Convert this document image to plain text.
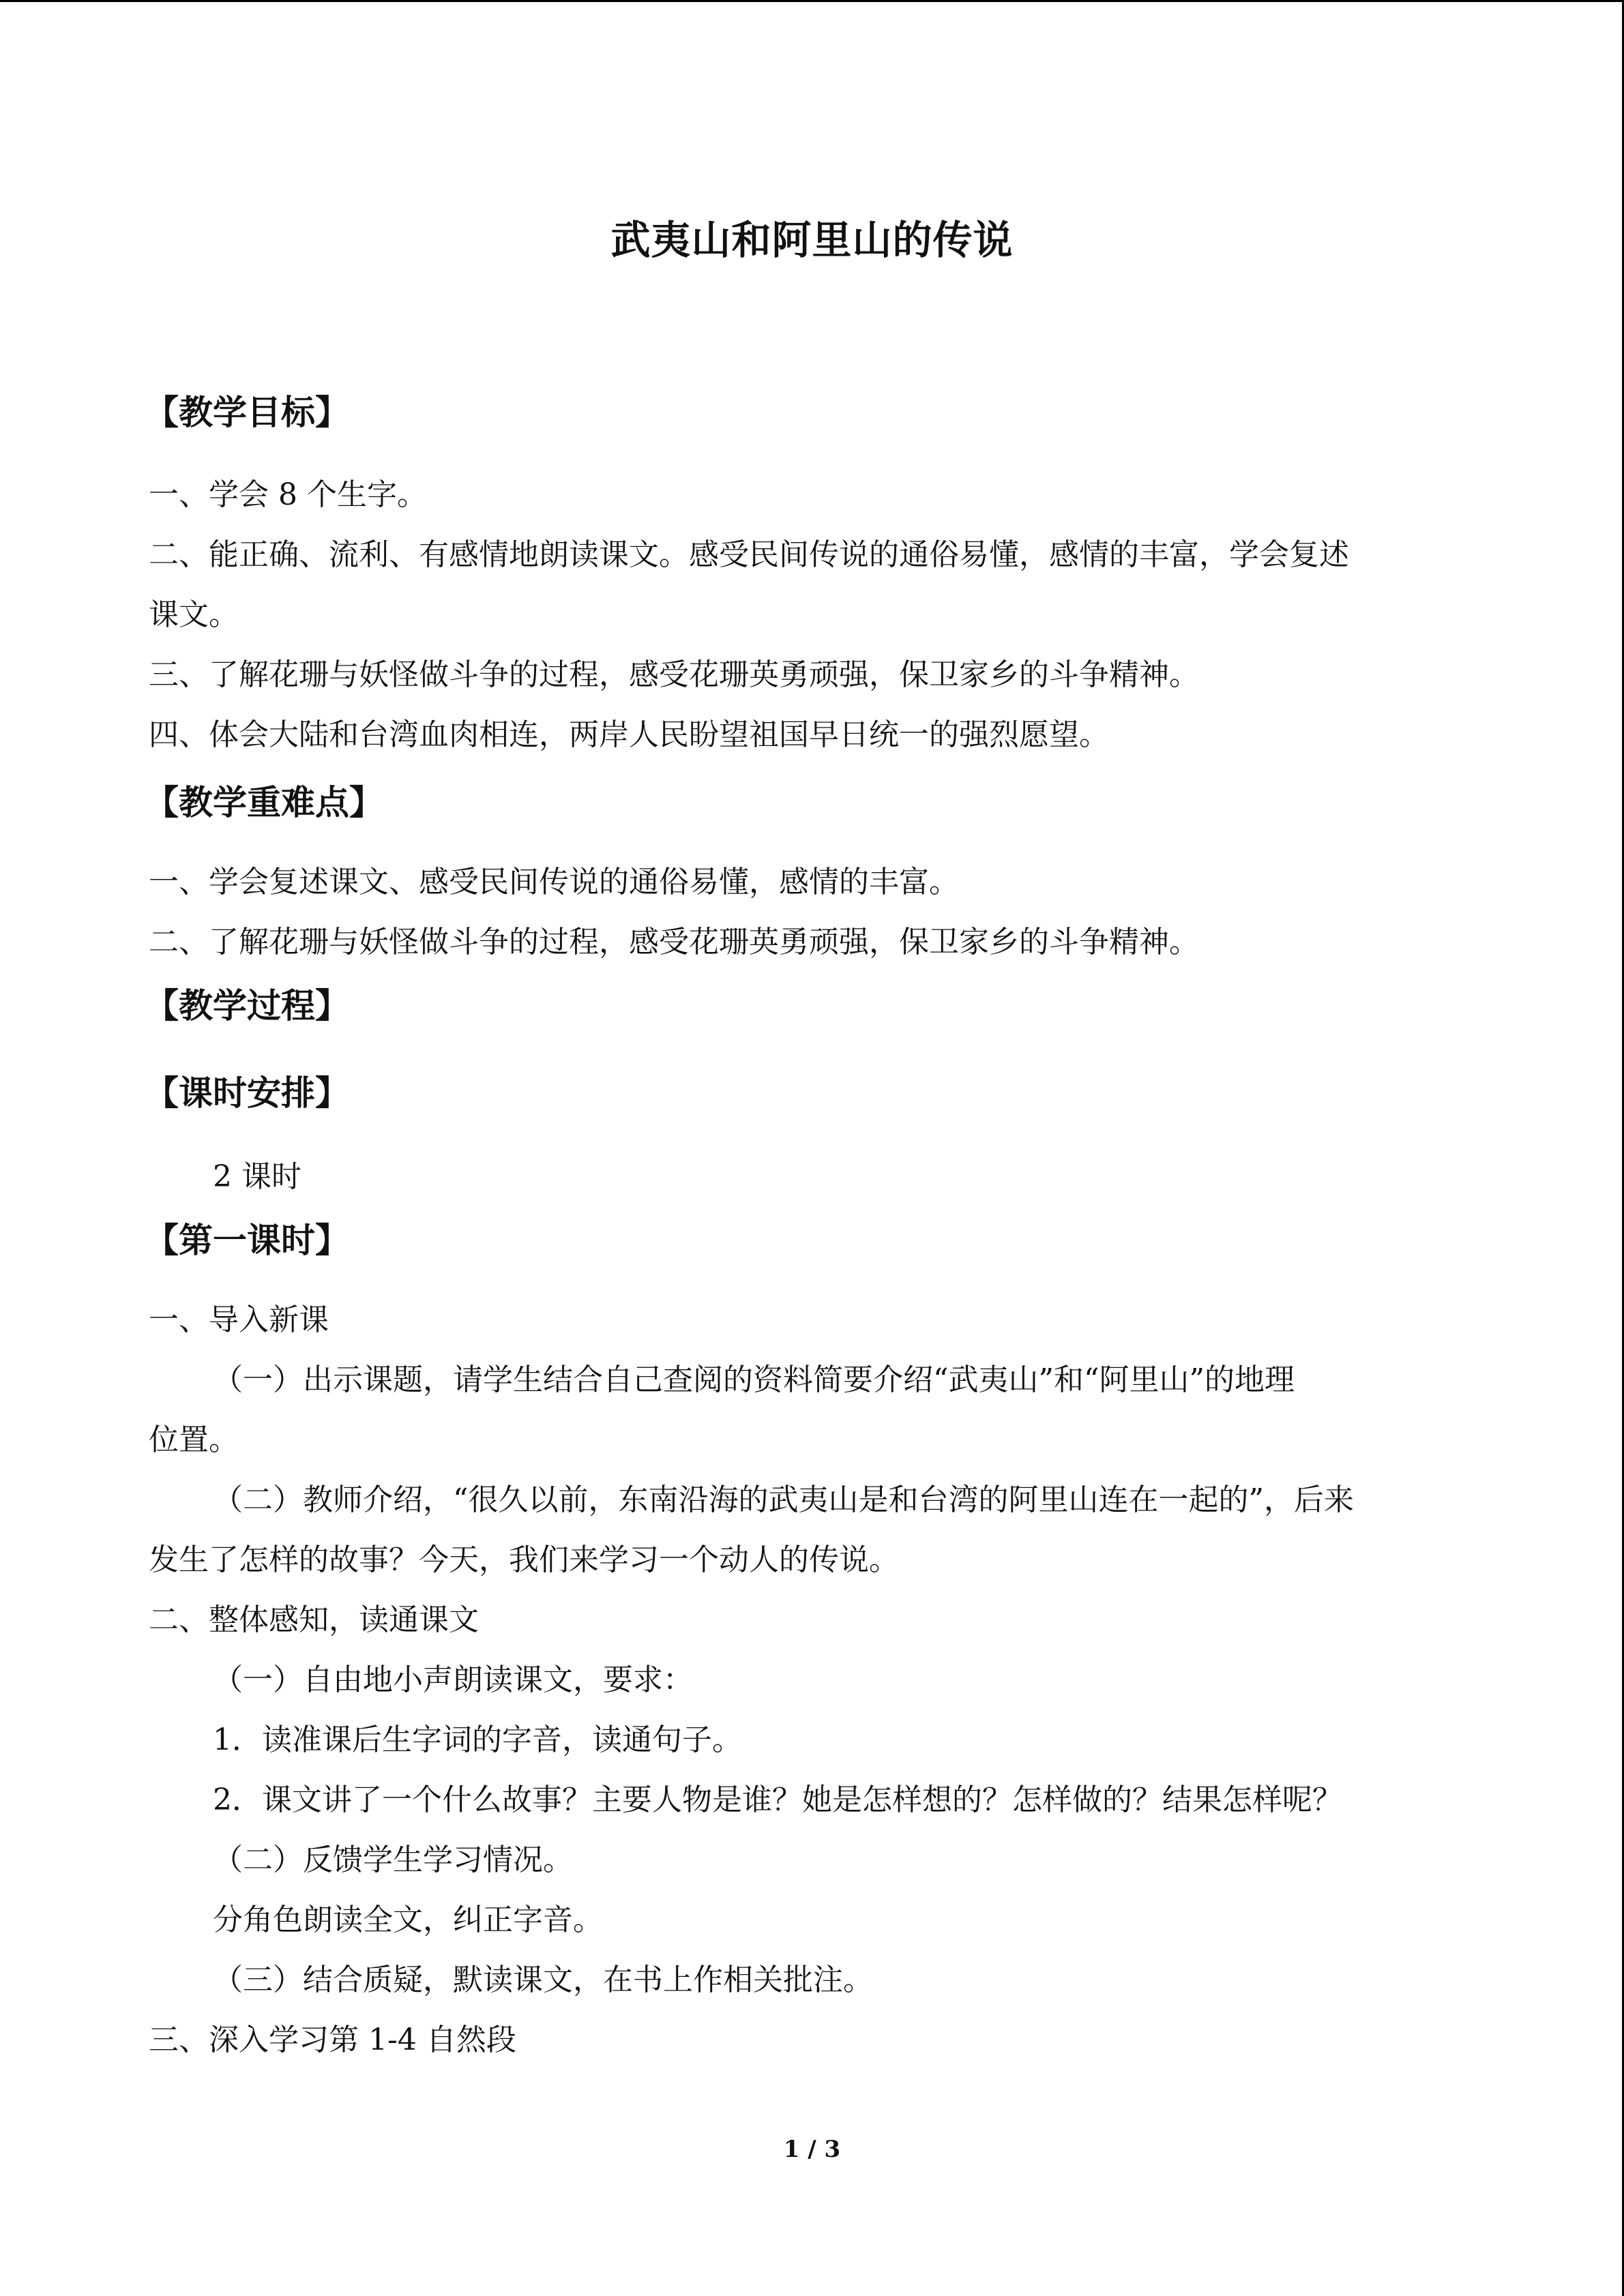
武夷山和阿里山的传说
【教学目标】
一、学会 8 个生字。
二、能正确、流利、有感情地朗读课文。感受民间传说的通俗易懂，感情的丰富，学会复述
课文。
三、了解花珊与妖怪做斗争的过程，感受花珊英勇顽强，保卫家乡的斗争精神。
四、体会大陆和台湾血肉相连，两岸人民盼望祖国早日统一的强烈愿望。
【教学重难点】
一、学会复述课文、感受民间传说的通俗易懂，感情的丰富。
二、了解花珊与妖怪做斗争的过程，感受花珊英勇顽强，保卫家乡的斗争精神。
【教学过程】
【课时安排】
2 课时
【第一课时】
一、导入新课
（一）出示课题，请学生结合自己查阅的资料简要介绍“武夷山”和“阿里山”的地理
位置。
（二）教师介绍，“很久以前，东南沿海的武夷山是和台湾的阿里山连在一起的”，后来
发生了怎样的故事？今天，我们来学习一个动人的传说。
二、整体感知，读通课文
（一）自由地小声朗读课文，要求：
1．读准课后生字词的字音，读通句子。
2．课文讲了一个什么故事？主要人物是谁？她是怎样想的？怎样做的？结果怎样呢？
（二）反馈学生学习情况。
分角色朗读全文，纠正字音。
（三）结合质疑，默读课文，在书上作相关批注。
三、深入学习第 1-4 自然段
1 / 3
